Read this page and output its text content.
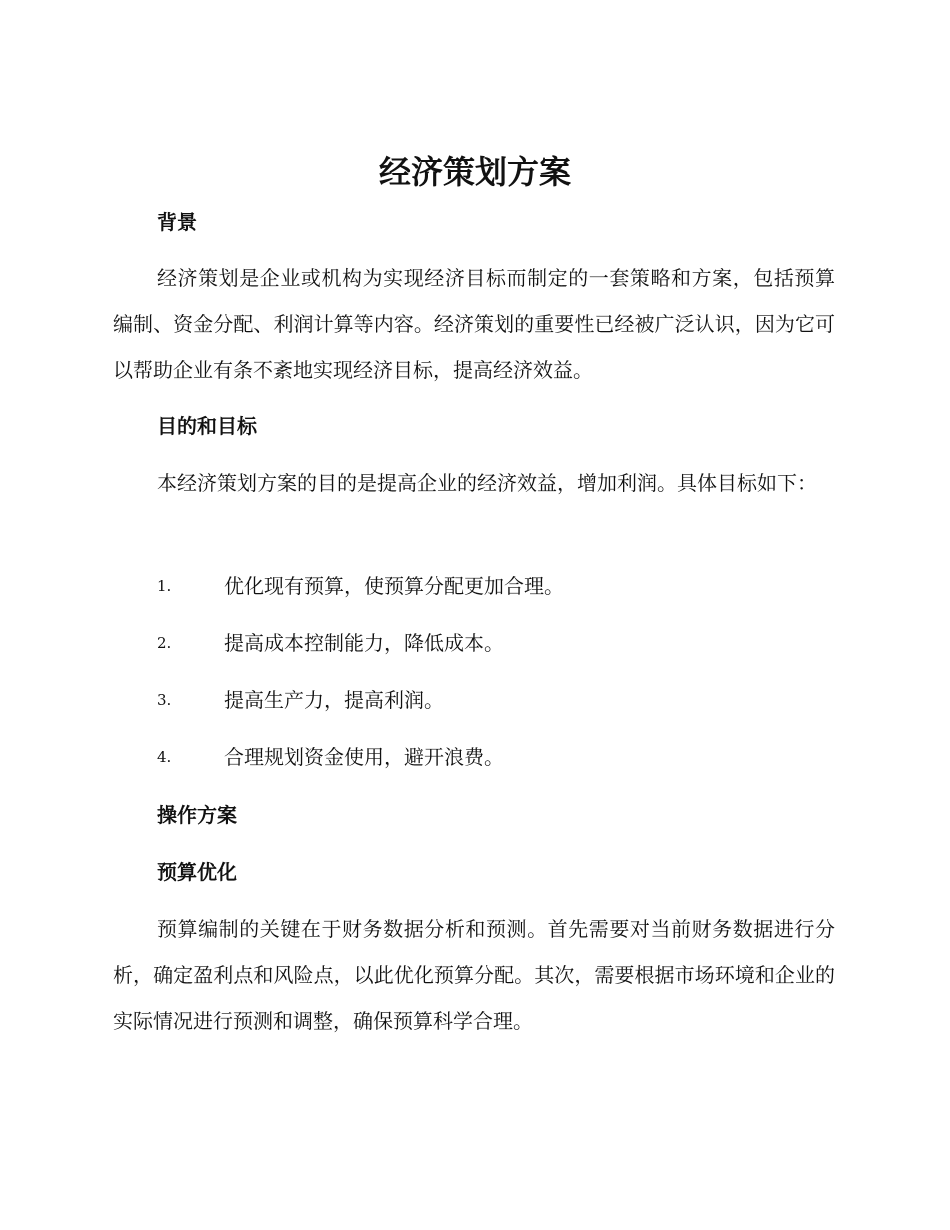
经济策划方案
背景

经济策划是企业或机构为实现经济目标而制定的一套策略和方案，包括预算编制、资金分配、利润计算等内容。经济策划的重要性已经被广泛认识，因为它可以帮助企业有条不紊地实现经济目标，提高经济效益。

目的和目标

本经济策划方案的目的是提高企业的经济效益，增加利润。具体目标如下：

1.	优化现有预算，使预算分配更加合理。
2.	提高成本控制能力，降低成本。
3.	提高生产力，提高利润。
4.	合理规划资金使用，避开浪费。
操作方案
预算优化

预算编制的关键在于财务数据分析和预测。首先需要对当前财务数据进行分析，确定盈利点和风险点，以此优化预算分配。其次，需要根据市场环境和企业的实际情况进行预测和调整，确保预算科学合理。
